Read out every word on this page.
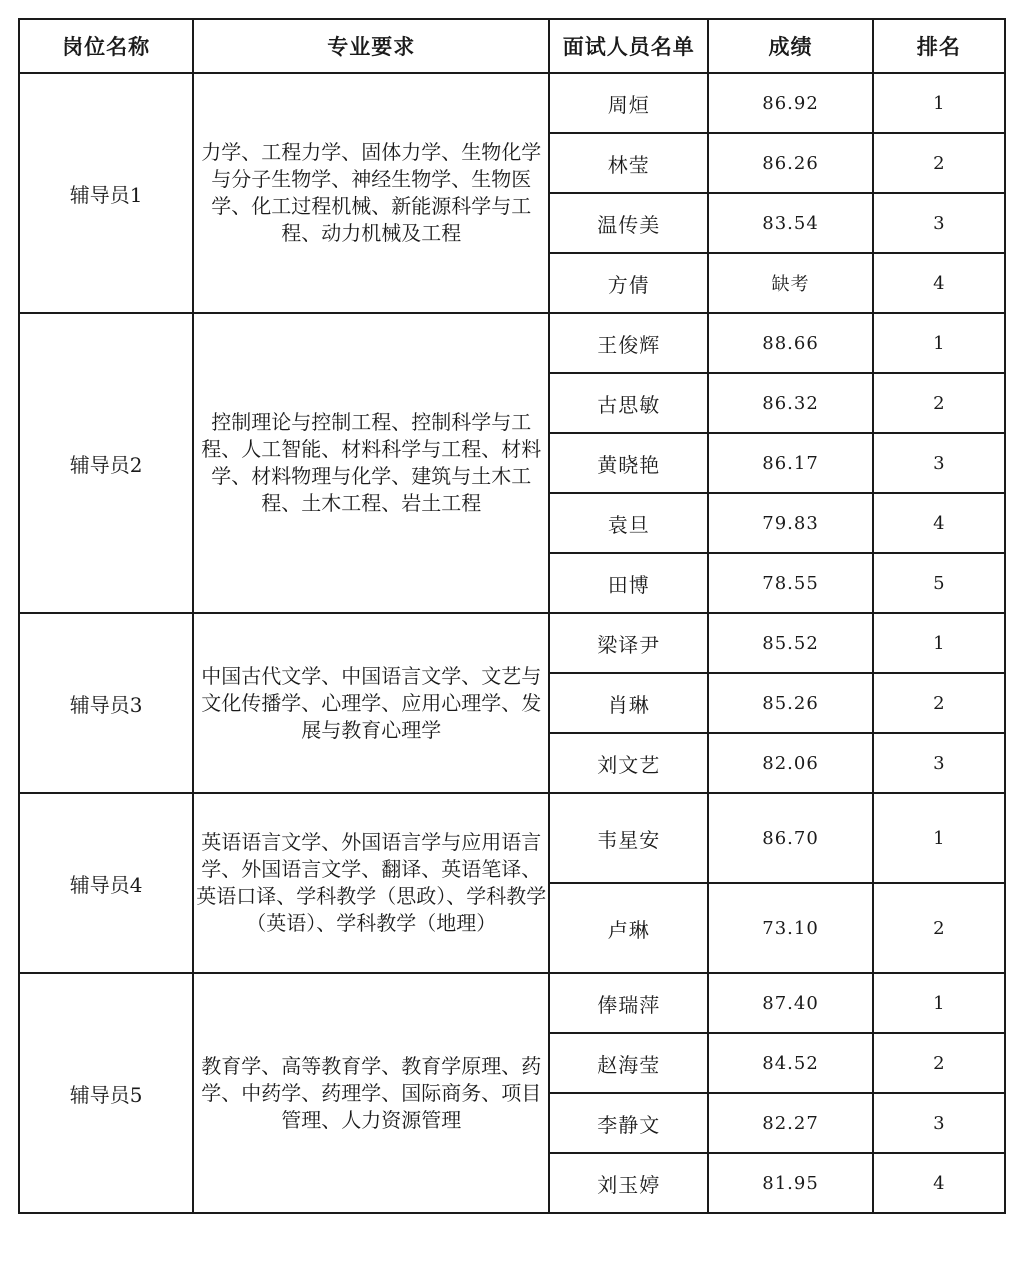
岗位名称	专业要求	面试人员名单	成绩	排名
辅导员1	力学、工程力学、固体力学、生物化学与分子生物学、神经生物学、生物医学、化工过程机械、新能源科学与工程、动力机械及工程	周烜	86.92	1
		林莹	86.26	2
		温传美	83.54	3
		方倩	缺考	4
辅导员2	控制理论与控制工程、控制科学与工程、人工智能、材料科学与工程、材料学、材料物理与化学、建筑与土木工程、土木工程、岩土工程	王俊辉	88.66	1
		古思敏	86.32	2
		黄晓艳	86.17	3
		袁旦	79.83	4
		田博	78.55	5
辅导员3	中国古代文学、中国语言文学、文艺与文化传播学、心理学、应用心理学、发展与教育心理学	梁译尹	85.52	1
		肖琳	85.26	2
		刘文艺	82.06	3
辅导员4	英语语言文学、外国语言学与应用语言学、外国语言文学、翻译、英语笔译、英语口译、学科教学（思政）、学科教学（英语）、学科教学（地理）	韦星安	86.70	1
		卢琳	73.10	2
辅导员5	教育学、高等教育学、教育学原理、药学、中药学、药理学、国际商务、项目管理、人力资源管理	俸瑞萍	87.40	1
		赵海莹	84.52	2
		李静文	82.27	3
		刘玉婷	81.95	4
